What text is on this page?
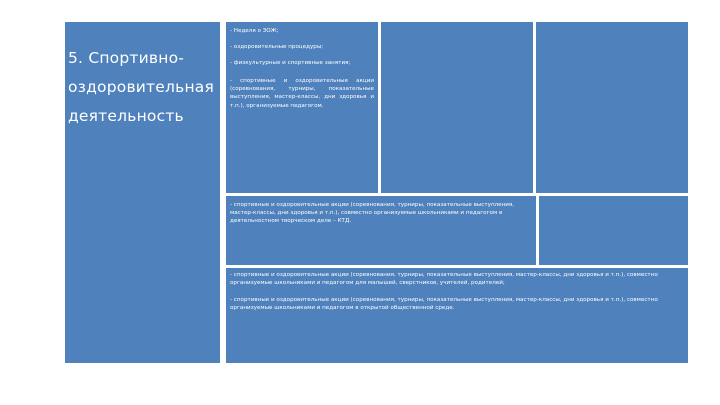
5. Спортивно-оздоровительная деятельность

- Неделя о ЗОЖ;

- оздоровительные процедуры;

- физкультурные и спортивные занятия;

- спортивные и оздоровительные акции (соревнования, турниры, показательные выступления, мастер-классы, дни здоровья и т.п.), организуемые педагогом.

- спортивные и оздоровительные акции (соревнования, турниры, показательные выступления, мастер-классы, дни здоровья и т.п.), совместно организуемые школьниками и педагогом в деятельностном творческом деле – КТД.

- спортивные и оздоровительные акции (соревнования, турниры, показательные выступления, мастер-классы, дни здоровья и т.п.), совместно организуемые школьниками и педагогом для малышей, сверстников, учителей, родителей;

- спортивные и оздоровительные акции (соревнования, турниры, показательные выступления, мастер-классы, дни здоровья и т.п.), совместно организуемые школьниками и педагогом в открытой общественной среде.
